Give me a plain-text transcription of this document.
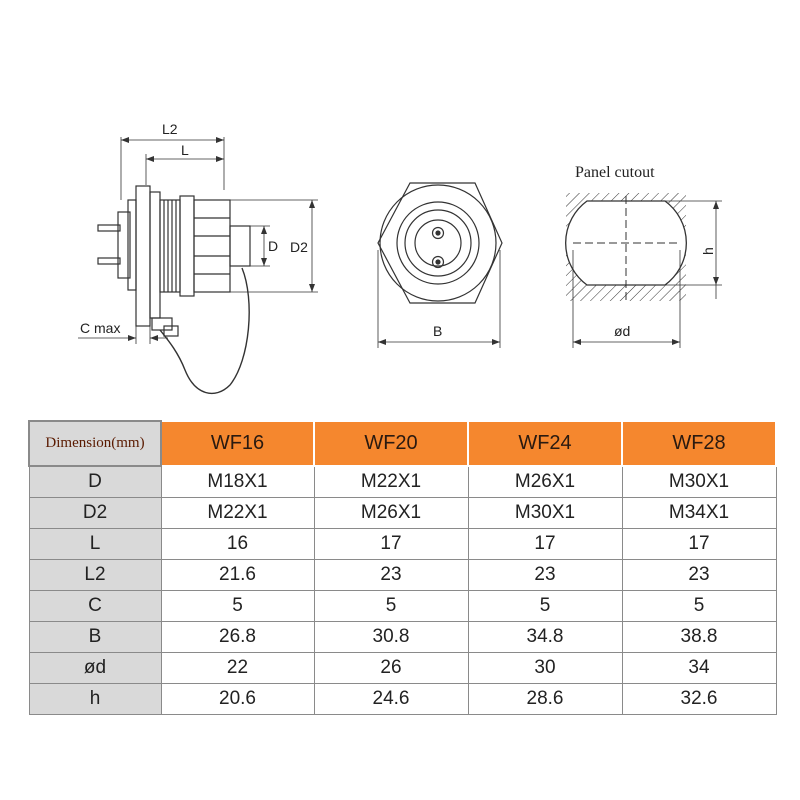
L2
L
D D2
C max	B
Panel cutout
h
ød
Dimension(mm)	WF16	WF20	WF24	WF28
D	M18X1	M22X1	M26X1	M30X1
D2	M22X1	M26X1	M30X1	M34X1
L	16	17	17	17
L2	21.6	23	23	23
C	5	5	5	5
B	26.8	30.8	34.8	38.8
ød	22	26	30	34
h	20.6	24.6	28.6	32.6
